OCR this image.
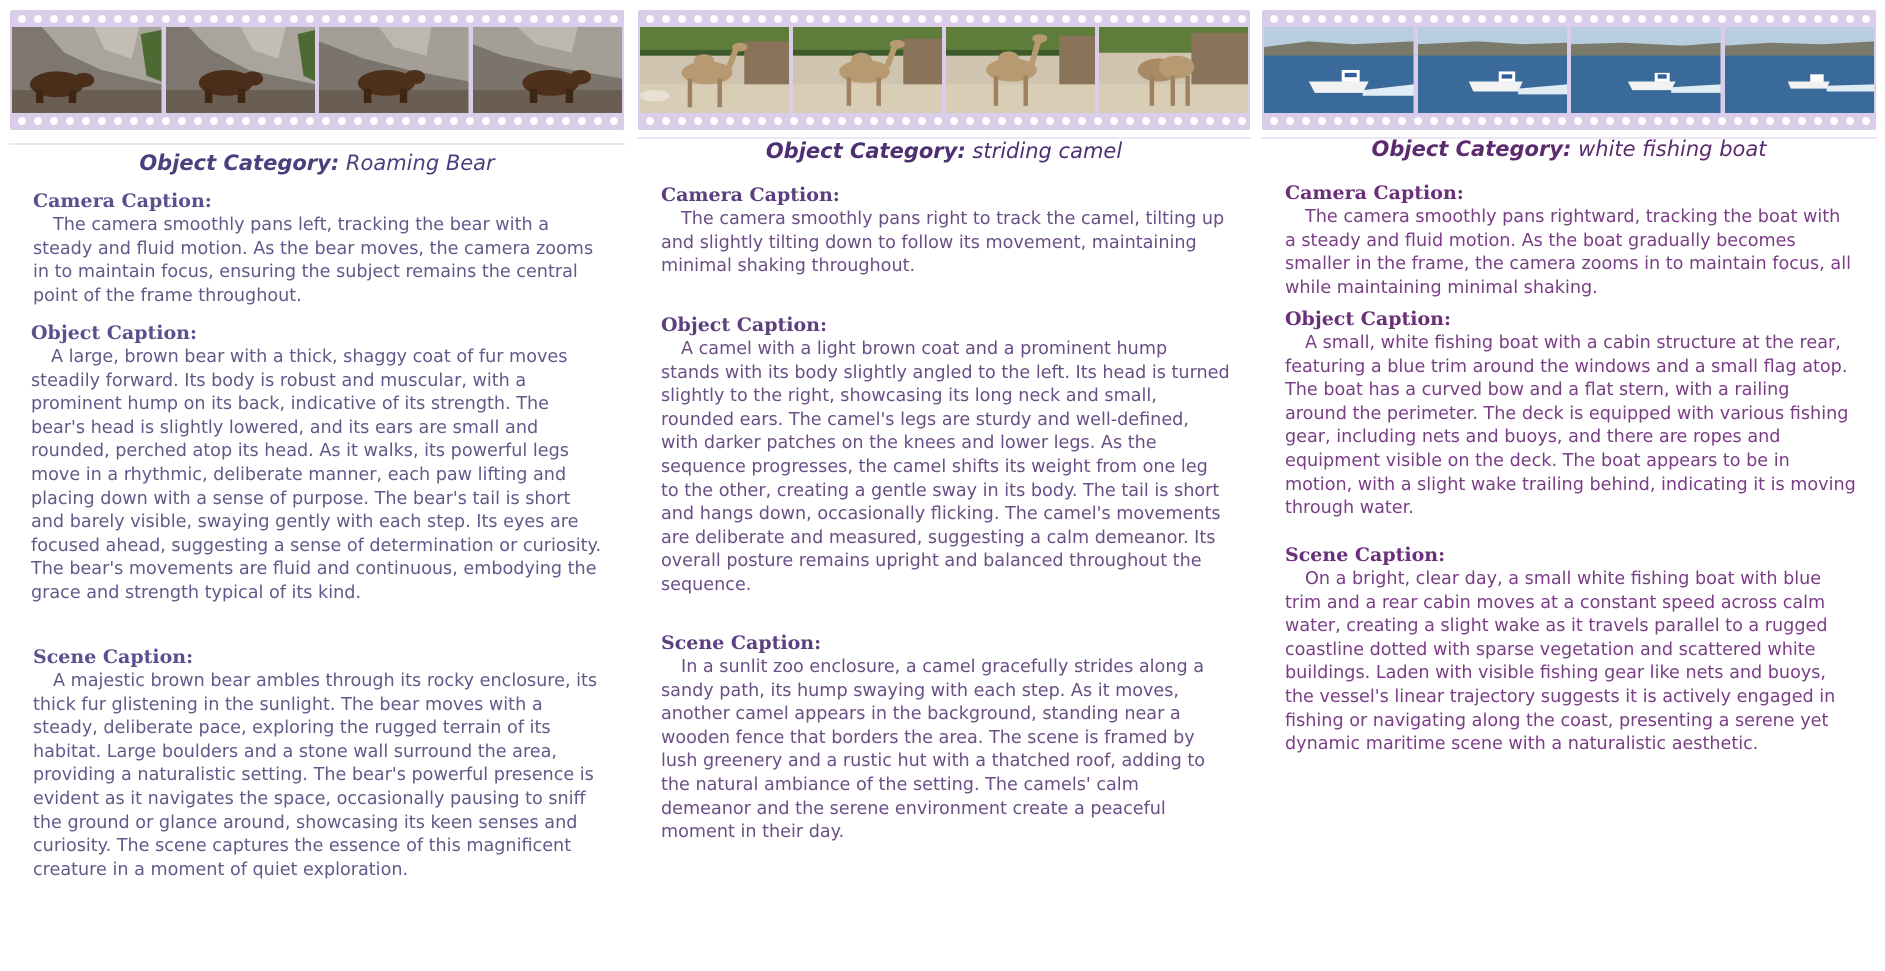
Object Category: Roaming Bear

Camera Caption:

The camera smoothly pans left, tracking the bear with a steady and fluid motion. As the bear moves, the camera zooms in to maintain focus, ensuring the subject remains the central point of the frame throughout.

Object Caption:

A large, brown bear with a thick, shaggy coat of fur moves steadily forward. Its body is robust and muscular, with a prominent hump on its back, indicative of its strength. The bear's head is slightly lowered, and its ears are small and rounded, perched atop its head. As it walks, its powerful legs move in a rhythmic, deliberate manner, each paw lifting and placing down with a sense of purpose. The bear's tail is short and barely visible, swaying gently with each step. Its eyes are focused ahead, suggesting a sense of determination or curiosity. The bear's movements are fluid and continuous, embodying the grace and strength typical of its kind.

Scene Caption:

A majestic brown bear ambles through its rocky enclosure, its thick fur glistening in the sunlight. The bear moves with a steady, deliberate pace, exploring the rugged terrain of its habitat. Large boulders and a stone wall surround the area, providing a naturalistic setting. The bear's powerful presence is evident as it navigates the space, occasionally pausing to sniff the ground or glance around, showcasing its keen senses and curiosity. The scene captures the essence of this magnificent creature in a moment of quiet exploration.

Object Category: striding camel

Camera Caption:

The camera smoothly pans right to track the camel, tilting up and slightly tilting down to follow its movement, maintaining minimal shaking throughout.

Object Caption:

A camel with a light brown coat and a prominent hump stands with its body slightly angled to the left. Its head is turned slightly to the right, showcasing its long neck and small, rounded ears. The camel's legs are sturdy and well-defined, with darker patches on the knees and lower legs. As the sequence progresses, the camel shifts its weight from one leg to the other, creating a gentle sway in its body. The tail is short and hangs down, occasionally flicking. The camel's movements are deliberate and measured, suggesting a calm demeanor. Its overall posture remains upright and balanced throughout the sequence.

Scene Caption:

In a sunlit zoo enclosure, a camel gracefully strides along a sandy path, its hump swaying with each step. As it moves, another camel appears in the background, standing near a wooden fence that borders the area. The scene is framed by lush greenery and a rustic hut with a thatched roof, adding to the natural ambiance of the setting. The camels' calm demeanor and the serene environment create a peaceful moment in their day.

Object Category: white fishing boat

Camera Caption:

The camera smoothly pans rightward, tracking the boat with a steady and fluid motion. As the boat gradually becomes smaller in the frame, the camera zooms in to maintain focus, all while maintaining minimal shaking.

Object Caption:

A small, white fishing boat with a cabin structure at the rear, featuring a blue trim around the windows and a small flag atop. The boat has a curved bow and a flat stern, with a railing around the perimeter. The deck is equipped with various fishing gear, including nets and buoys, and there are ropes and equipment visible on the deck. The boat appears to be in motion, with a slight wake trailing behind, indicating it is moving through water.

Scene Caption:

On a bright, clear day, a small white fishing boat with blue trim and a rear cabin moves at a constant speed across calm water, creating a slight wake as it travels parallel to a rugged coastline dotted with sparse vegetation and scattered white buildings. Laden with visible fishing gear like nets and buoys, the vessel's linear trajectory suggests it is actively engaged in fishing or navigating along the coast, presenting a serene yet dynamic maritime scene with a naturalistic aesthetic.
